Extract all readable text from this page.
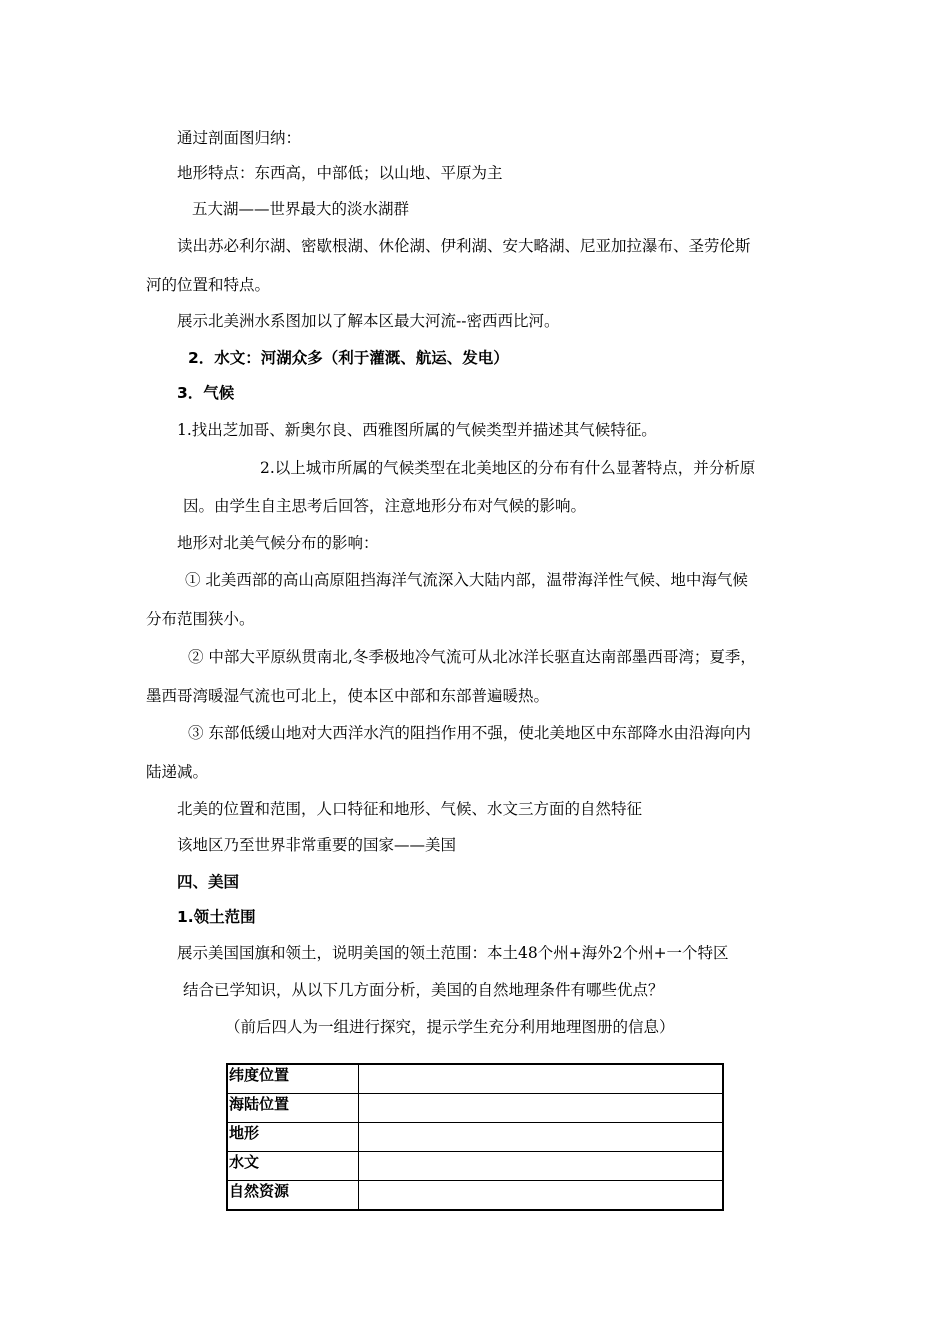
通过剖面图归纳：
地形特点：东西高，中部低；以山地、平原为主
五大湖——世界最大的淡水湖群
读出苏必利尔湖、密歇根湖、休伦湖、伊利湖、安大略湖、尼亚加拉瀑布、圣劳伦斯
河的位置和特点。
展示北美洲水系图加以了解本区最大河流--密西西比河。
2．水文：河湖众多（利于灌溉、航运、发电）
3．气候
1.找出芝加哥、新奥尔良、西雅图所属的气候类型并描述其气候特征。
2.以上城市所属的气候类型在北美地区的分布有什么显著特点，并分析原
因。由学生自主思考后回答，注意地形分布对气候的影响。
地形对北美气候分布的影响：
① 北美西部的高山高原阻挡海洋气流深入大陆内部，温带海洋性气候、地中海气候
分布范围狭小。
② 中部大平原纵贯南北,冬季极地冷气流可从北冰洋长驱直达南部墨西哥湾；夏季，
墨西哥湾暖湿气流也可北上，使本区中部和东部普遍暖热。
③ 东部低缓山地对大西洋水汽的阻挡作用不强，使北美地区中东部降水由沿海向内
陆递减。
北美的位置和范围，人口特征和地形、气候、水文三方面的自然特征
该地区乃至世界非常重要的国家——美国
四、美国
1.领土范围
展示美国国旗和领土，说明美国的领土范围：本土48个州+海外2个州+一个特区
结合已学知识，从以下几方面分析，美国的自然地理条件有哪些优点？
（前后四人为一组进行探究，提示学生充分利用地理图册的信息）
纬度位置	
海陆位置	
地形	
水文	
自然资源	
